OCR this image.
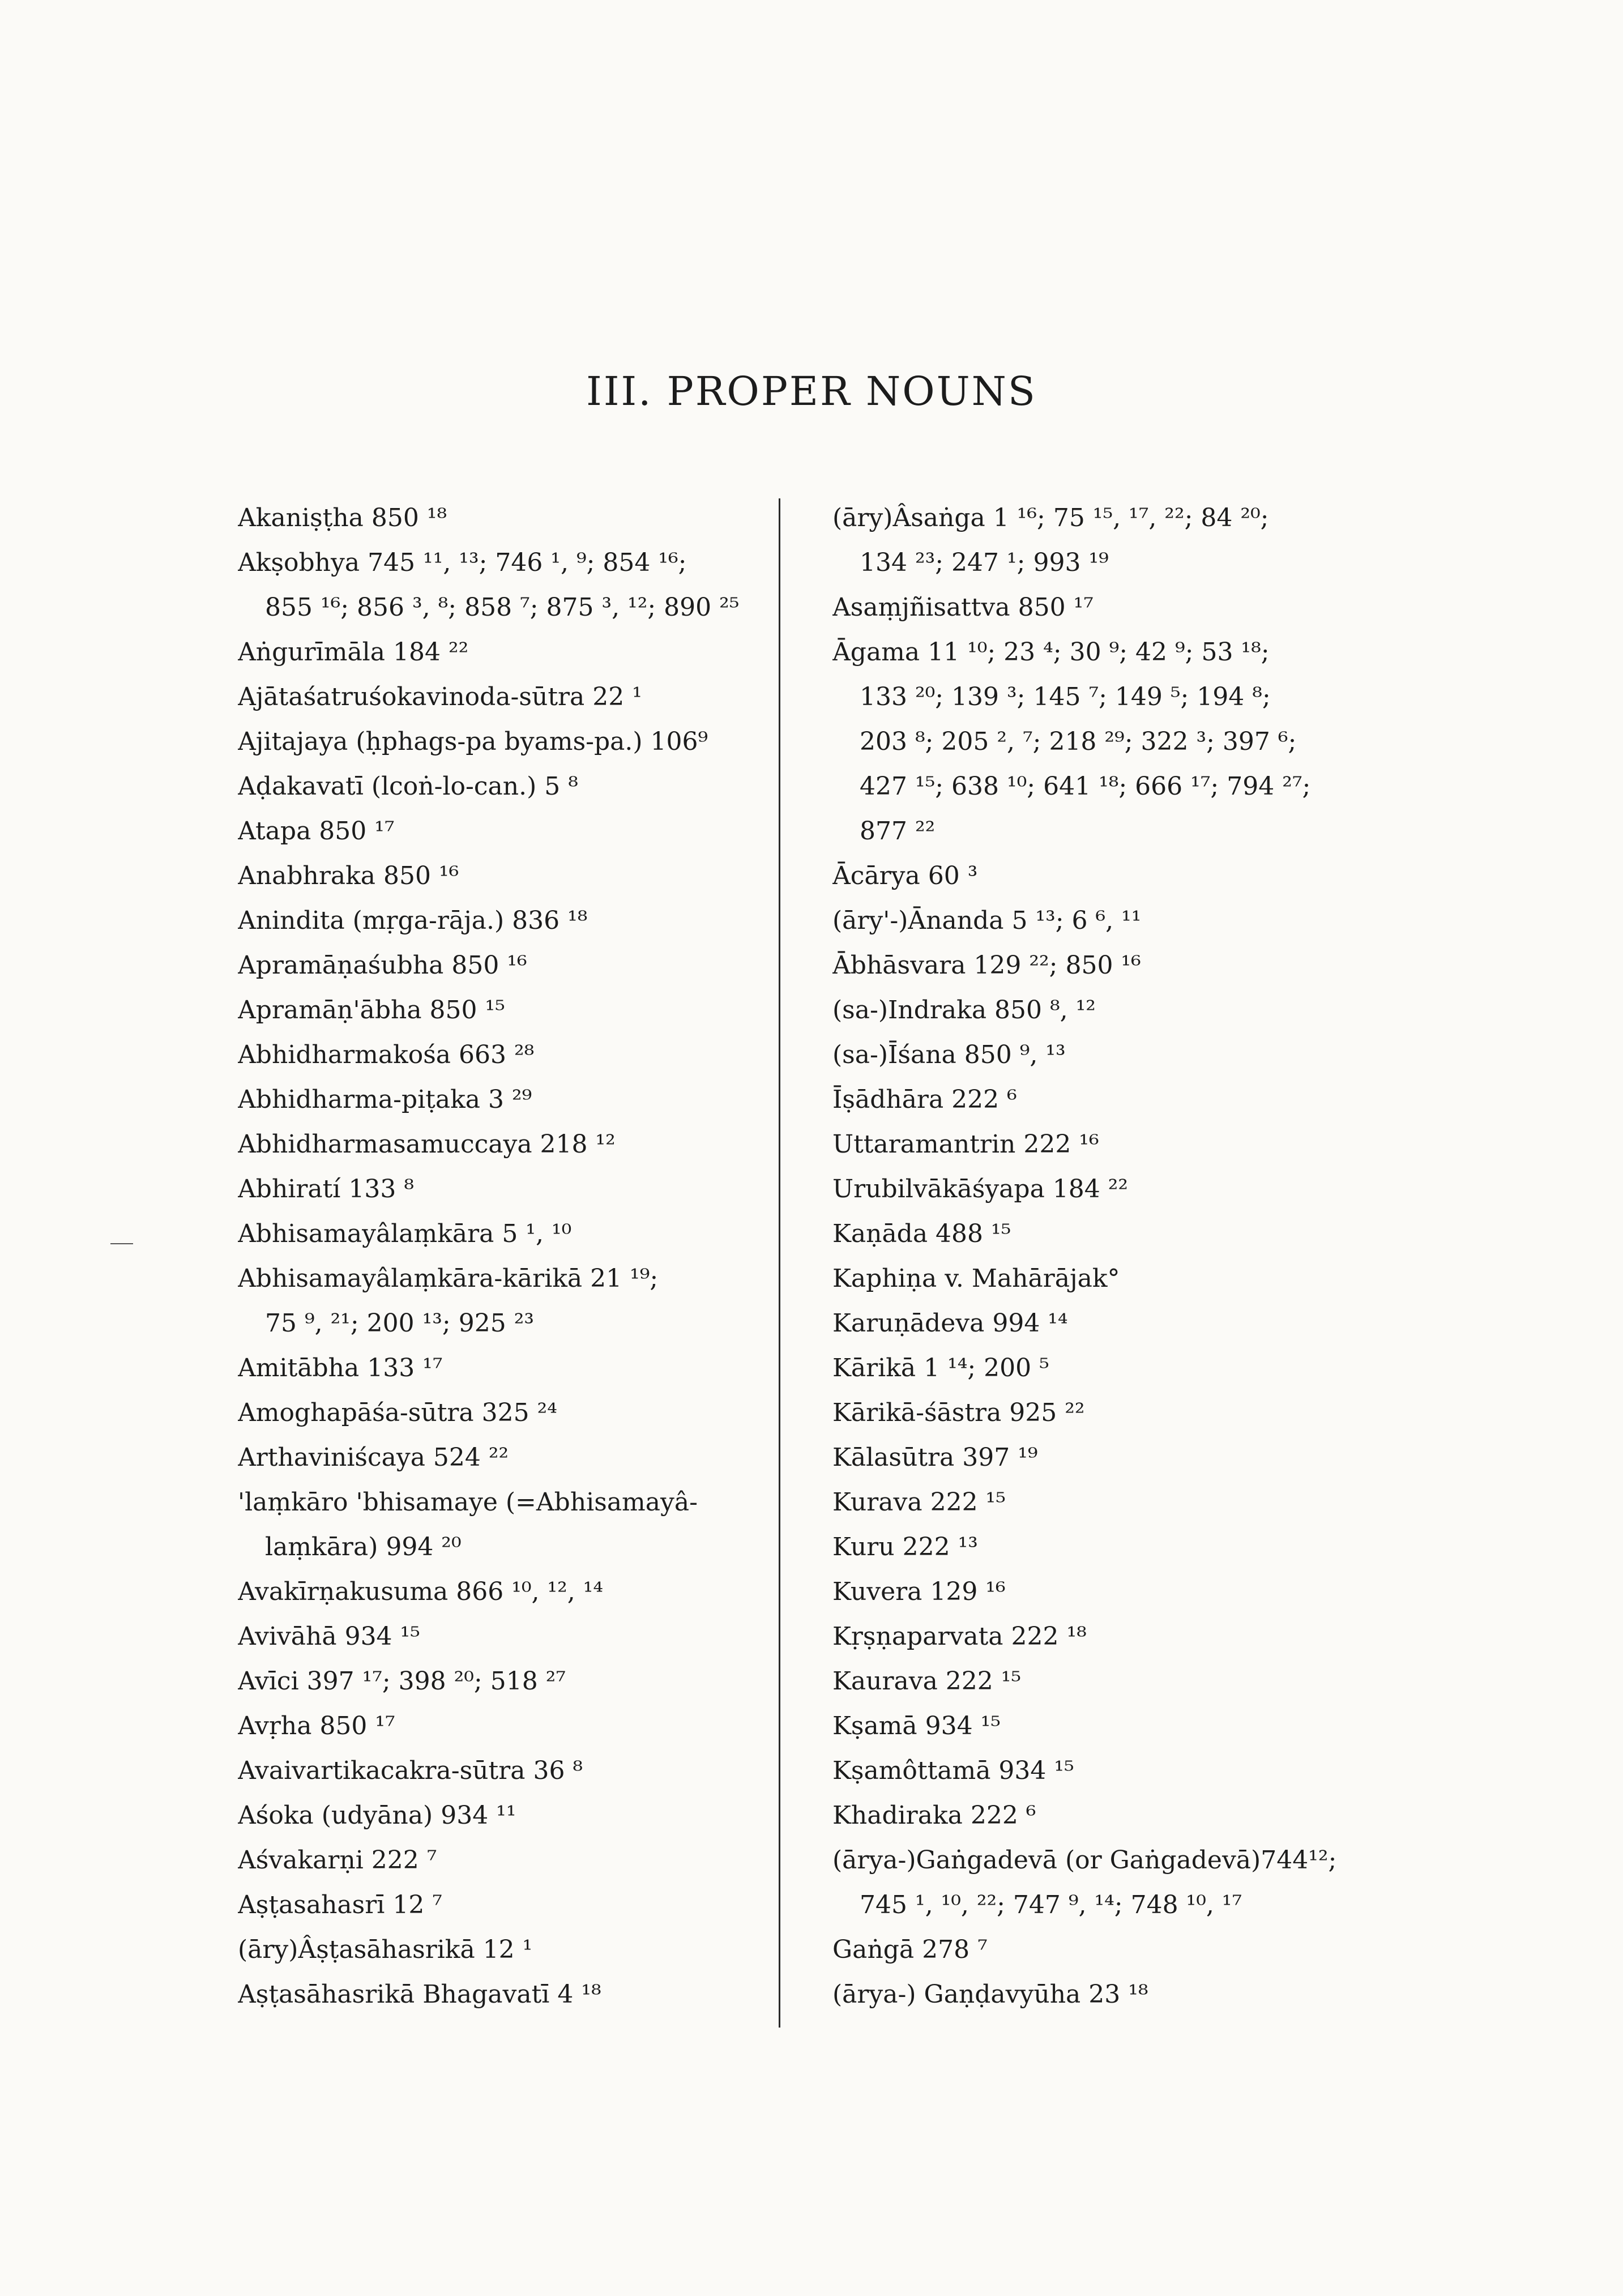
III. PROPER NOUNS
Akaniṣṭha 850 ¹⁸
Akṣobhya 745 ¹¹, ¹³; 746 ¹, ⁹; 854 ¹⁶;
855 ¹⁶; 856 ³, ⁸; 858 ⁷; 875 ³, ¹²; 890 ²⁵
Aṅgurīmāla 184 ²²
Ajātaśatruśokavinoda-sūtra 22 ¹
Ajitajaya (ḥphags-pa byams-pa.) 106⁹
Aḍakavatī (lcoṅ-lo-can.) 5 ⁸
Atapa 850 ¹⁷
Anabhraka 850 ¹⁶
Anindita (mṛga-rāja.) 836 ¹⁸
Apramāṇaśubha 850 ¹⁶
Apramāṇ'ābha 850 ¹⁵
Abhidharmakośa 663 ²⁸
Abhidharma-piṭaka 3 ²⁹
Abhidharmasamuccaya 218 ¹²
Abhiratí 133 ⁸
Abhisamayâlaṃkāra 5 ¹, ¹⁰
Abhisamayâlaṃkāra-kārikā 21 ¹⁹;
75 ⁹, ²¹; 200 ¹³; 925 ²³
Amitābha 133 ¹⁷
Amoghapāśa-sūtra 325 ²⁴
Arthaviniścaya 524 ²²
'laṃkāro 'bhisamaye (=Abhisamayâ-
laṃkāra) 994 ²⁰
Avakīrṇakusuma 866 ¹⁰, ¹², ¹⁴
Avivāhā 934 ¹⁵
Avīci 397 ¹⁷; 398 ²⁰; 518 ²⁷
Avṛha 850 ¹⁷
Avaivartikacakra-sūtra 36 ⁸
Aśoka (udyāna) 934 ¹¹
Aśvakarṇi 222 ⁷
Aṣṭasahasrī 12 ⁷
(āry)Âṣṭasāhasrikā 12 ¹
Aṣṭasāhasrikā Bhagavatī 4 ¹⁸
(āry)Âsaṅga 1 ¹⁶; 75 ¹⁵, ¹⁷, ²²; 84 ²⁰;
134 ²³; 247 ¹; 993 ¹⁹
Asaṃjñisattva 850 ¹⁷
Āgama 11 ¹⁰; 23 ⁴; 30 ⁹; 42 ⁹; 53 ¹⁸;
133 ²⁰; 139 ³; 145 ⁷; 149 ⁵; 194 ⁸;
203 ⁸; 205 ², ⁷; 218 ²⁹; 322 ³; 397 ⁶;
427 ¹⁵; 638 ¹⁰; 641 ¹⁸; 666 ¹⁷; 794 ²⁷;
877 ²²
Ācārya 60 ³
(āry'-)Ānanda 5 ¹³; 6 ⁶, ¹¹
Ābhāsvara 129 ²²; 850 ¹⁶
(sa-)Indraka 850 ⁸, ¹²
(sa-)Īśana 850 ⁹, ¹³
Īṣādhāra 222 ⁶
Uttaramantrin 222 ¹⁶
Urubilvākāśyapa 184 ²²
Kaṇāda 488 ¹⁵
Kaphiṇa v. Mahārājak°
Karuṇādeva 994 ¹⁴
Kārikā 1 ¹⁴; 200 ⁵
Kārikā-śāstra 925 ²²
Kālasūtra 397 ¹⁹
Kurava 222 ¹⁵
Kuru 222 ¹³
Kuvera 129 ¹⁶
Kṛṣṇaparvata 222 ¹⁸
Kaurava 222 ¹⁵
Kṣamā 934 ¹⁵
Kṣamôttamā 934 ¹⁵
Khadiraka 222 ⁶
(ārya-)Gaṅgadevā (or Gaṅgadevā)744¹²;
745 ¹, ¹⁰, ²²; 747 ⁹, ¹⁴; 748 ¹⁰, ¹⁷
Gaṅgā 278 ⁷
(ārya-) Gaṇḍavyūha 23 ¹⁸
